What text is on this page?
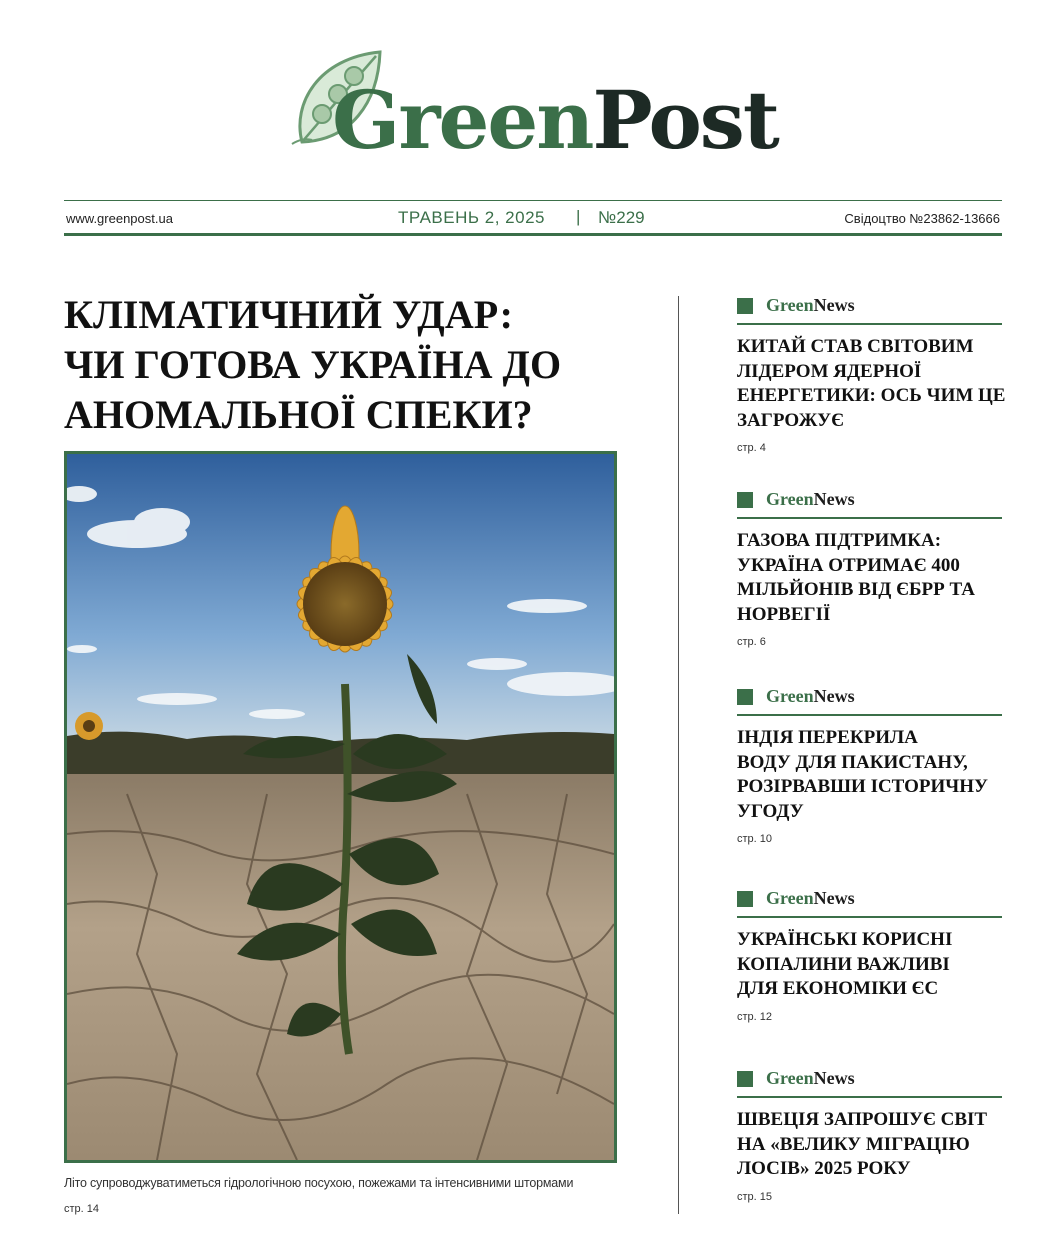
GreenPost
www.greenpost.ua	ТРАВЕНЬ 2, 2025 | №229	Свідоцтво №23862-13666
КЛІМАТИЧНИЙ УДАР:
ЧИ ГОТОВА УКРАЇНА ДО
АНОМАЛЬНОЇ СПЕКИ?

Літо супроводжуватиметься гідрологічною посухою, пожежами та інтенсивними штормами

стр. 14
GreenNews
КИТАЙ СТАВ СВІТОВИМ
ЛІДЕРОМ ЯДЕРНОЇ
ЕНЕРГЕТИКИ: ОСЬ ЧИМ ЦЕ
ЗАГРОЖУЄ
стр. 4
GreenNews
ГАЗОВА ПІДТРИМКА:
УКРАЇНА ОТРИМАЄ 400
МІЛЬЙОНІВ ВІД ЄБРР ТА
НОРВЕГІЇ
стр. 6
GreenNews
ІНДІЯ ПЕРЕКРИЛА
ВОДУ ДЛЯ ПАКИСТАНУ,
РОЗІРВАВШИ ІСТОРИЧНУ
УГОДУ
стр. 10
GreenNews
УКРАЇНСЬКІ КОРИСНІ
КОПАЛИНИ ВАЖЛИВІ
ДЛЯ ЕКОНОМІКИ ЄС
стр. 12
GreenNews
ШВЕЦІЯ ЗАПРОШУЄ СВІТ
НА «ВЕЛИКУ МІГРАЦІЮ
ЛОСІВ» 2025 РОКУ
стр. 15
